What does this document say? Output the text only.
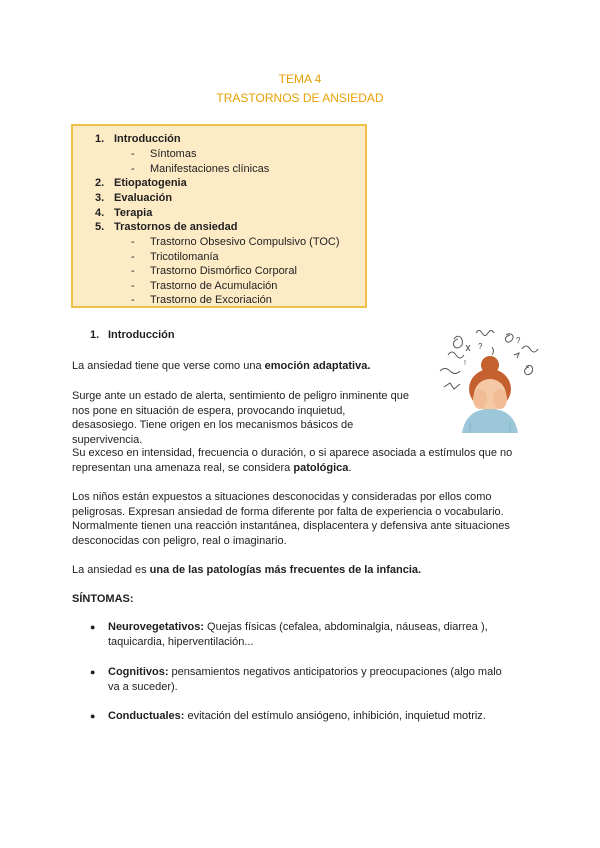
TEMA 4
TRASTORNOS DE ANSIEDAD
1. Introducción
- Síntomas
- Manifestaciones clínicas
2. Etiopatogenia
3. Evaluación
4. Terapia
5. Trastornos de ansiedad
- Trastorno Obsesivo Compulsivo (TOC)
- Tricotilomanía
- Trastorno Dismórfico Corporal
- Trastorno de Acumulación
- Trastorno de Excoriación
1. Introducción
?
!
?
La ansiedad tiene que verse como una emoción adaptativa.
Surge ante un estado de alerta, sentimiento de peligro inminente que nos pone en situación de espera, provocando inquietud, desasosiego. Tiene origen en los mecanismos básicos de supervivencia.
Su exceso en intensidad, frecuencia o duración, o si aparece asociada a estímulos que no representan una amenaza real, se considera patológica.
Los niños están expuestos a situaciones desconocidas y consideradas por ellos como peligrosas. Expresan ansiedad de forma diferente por falta de experiencia o vocabulario. Normalmente tienen una reacción instantánea, displacentera y defensiva ante situaciones desconocidas con peligro, real o imaginario.
La ansiedad es una de las patologías más frecuentes de la infancia.
SÍNTOMAS:
● Neurovegetativos: Quejas físicas (cefalea, abdominalgia, náuseas, diarrea ), taquicardia, hiperventilación...
● Cognitivos: pensamientos negativos anticipatorios y preocupaciones (algo malo va a suceder).
● Conductuales: evitación del estímulo ansiógeno, inhibición, inquietud motriz.
